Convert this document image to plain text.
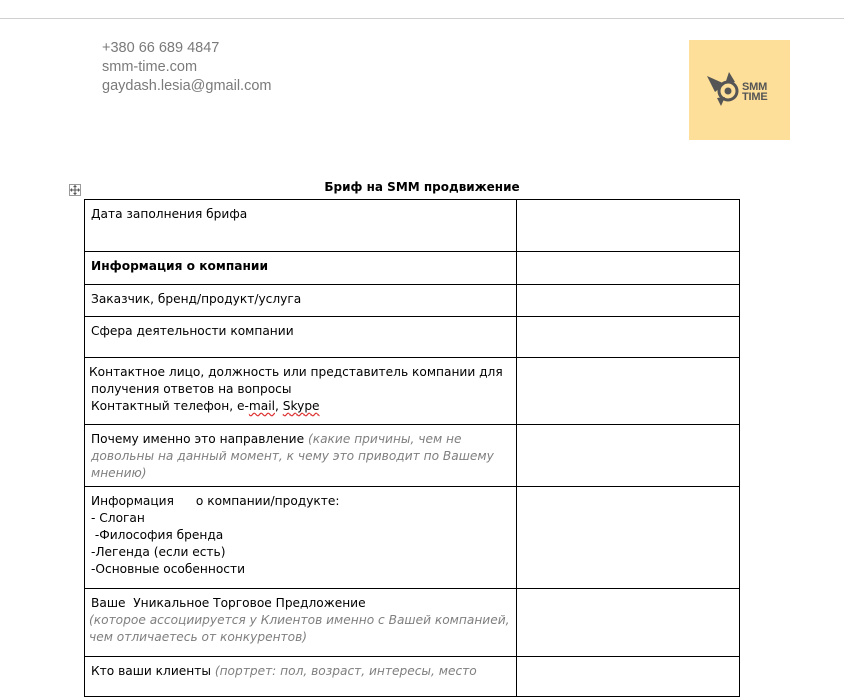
+380 66 689 4847
smm-time.com
gaydash.lesia@gmail.com	SMM
TIME
Бриф на SMM продвижение
Дата заполнения брифа	
Информация о компании	
Заказчик, бренд/продукт/услуга	
Сфера деятельности компании	

Контактное лицо, должность или представитель компании для
получения ответов на вопросы
Контактный телефон, e-mail, Skype	

Почему именно это направление (какие причины, чем не довольны на данный момент, к чему это приводит по Вашему мнению)	

Информация о компании/продукте:
- Слоган
-Философия бренда
-Легенда (если есть)
-Основные особенности	

Ваше  Уникальное Торговое Предложение
(которое ассоциируется у Клиентов именно с Вашей компанией, чем отличаетесь от конкурентов)	

Кто ваши клиенты (портрет: пол, возраст, интересы, место	
